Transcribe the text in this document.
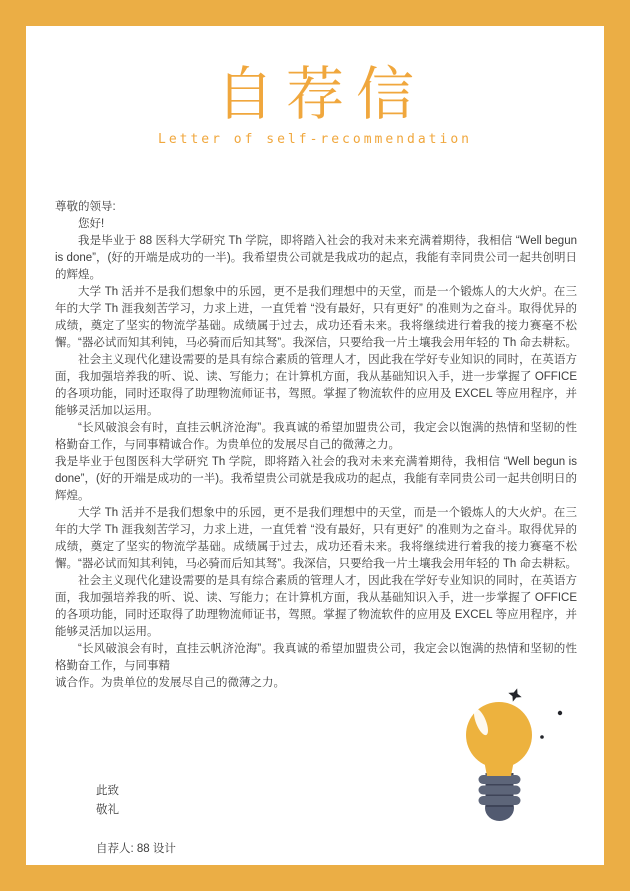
自荐信
Letter of self-recommendation

尊敬的领导:

您好!

我是毕业于 88 医科大学研究 Th 学院，即将踏入社会的我对未来充满着期待，我相信 “Well begun is done”，(好的开端是成功的一半)。我希望贵公司就是我成功的起点，我能有幸同贵公司一起共创明日的辉煌。

大学 Th 活并不是我们想象中的乐园，更不是我们理想中的天堂，而是一个锻炼人的大火炉。在三年的大学 Th 涯我刻苦学习，力求上进，一直凭着 “没有最好，只有更好” 的准则为之奋斗。取得优异的成绩，奠定了坚实的物流学基础。成绩属于过去，成功还看未来。我将继续进行着我的接力赛毫不松懈。“器必试而知其利钝，马必骑而后知其驽”。我深信，只要给我一片土壤我会用年轻的 Th 命去耕耘。

社会主义现代化建设需要的是具有综合素质的管理人才，因此我在学好专业知识的同时，在英语方面，我加强培养我的听、说、读、写能力；在计算机方面，我从基础知识入手，进一步掌握了 OFFICE 的各项功能，同时还取得了助理物流师证书，驾照。掌握了物流软件的应用及 EXCEL 等应用程序，并能够灵活加以运用。

“长风破浪会有时，直挂云帆济沧海”。我真诚的希望加盟贵公司，我定会以饱满的热情和坚韧的性格勤奋工作，与同事精诚合作。为贵单位的发展尽自己的微薄之力。

我是毕业于包图医科大学研究 Th 学院，即将踏入社会的我对未来充满着期待，我相信 “Well begun is done”，(好的开端是成功的一半)。我希望贵公司就是我成功的起点，我能有幸同贵公司一起共创明日的辉煌。

大学 Th 活并不是我们想象中的乐园，更不是我们理想中的天堂，而是一个锻炼人的大火炉。在三年的大学 Th 涯我刻苦学习，力求上进，一直凭着 “没有最好，只有更好” 的准则为之奋斗。取得优异的成绩，奠定了坚实的物流学基础。成绩属于过去，成功还看未来。我将继续进行着我的接力赛毫不松懈。“器必试而知其利钝，马必骑而后知其驽”。我深信，只要给我一片土壤我会用年轻的 Th 命去耕耘。

社会主义现代化建设需要的是具有综合素质的管理人才，因此我在学好专业知识的同时，在英语方面，我加强培养我的听、说、读、写能力；在计算机方面，我从基础知识入手，进一步掌握了 OFFICE 的各项功能，同时还取得了助理物流师证书，驾照。掌握了物流软件的应用及 EXCEL 等应用程序，并能够灵活加以运用。

“长风破浪会有时，直挂云帆济沧海”。我真诚的希望加盟贵公司，我定会以饱满的热情和坚韧的性格勤奋工作，与同事精

诚合作。为贵单位的发展尽自己的微薄之力。

此致

敬礼

自荐人: 88 设计
